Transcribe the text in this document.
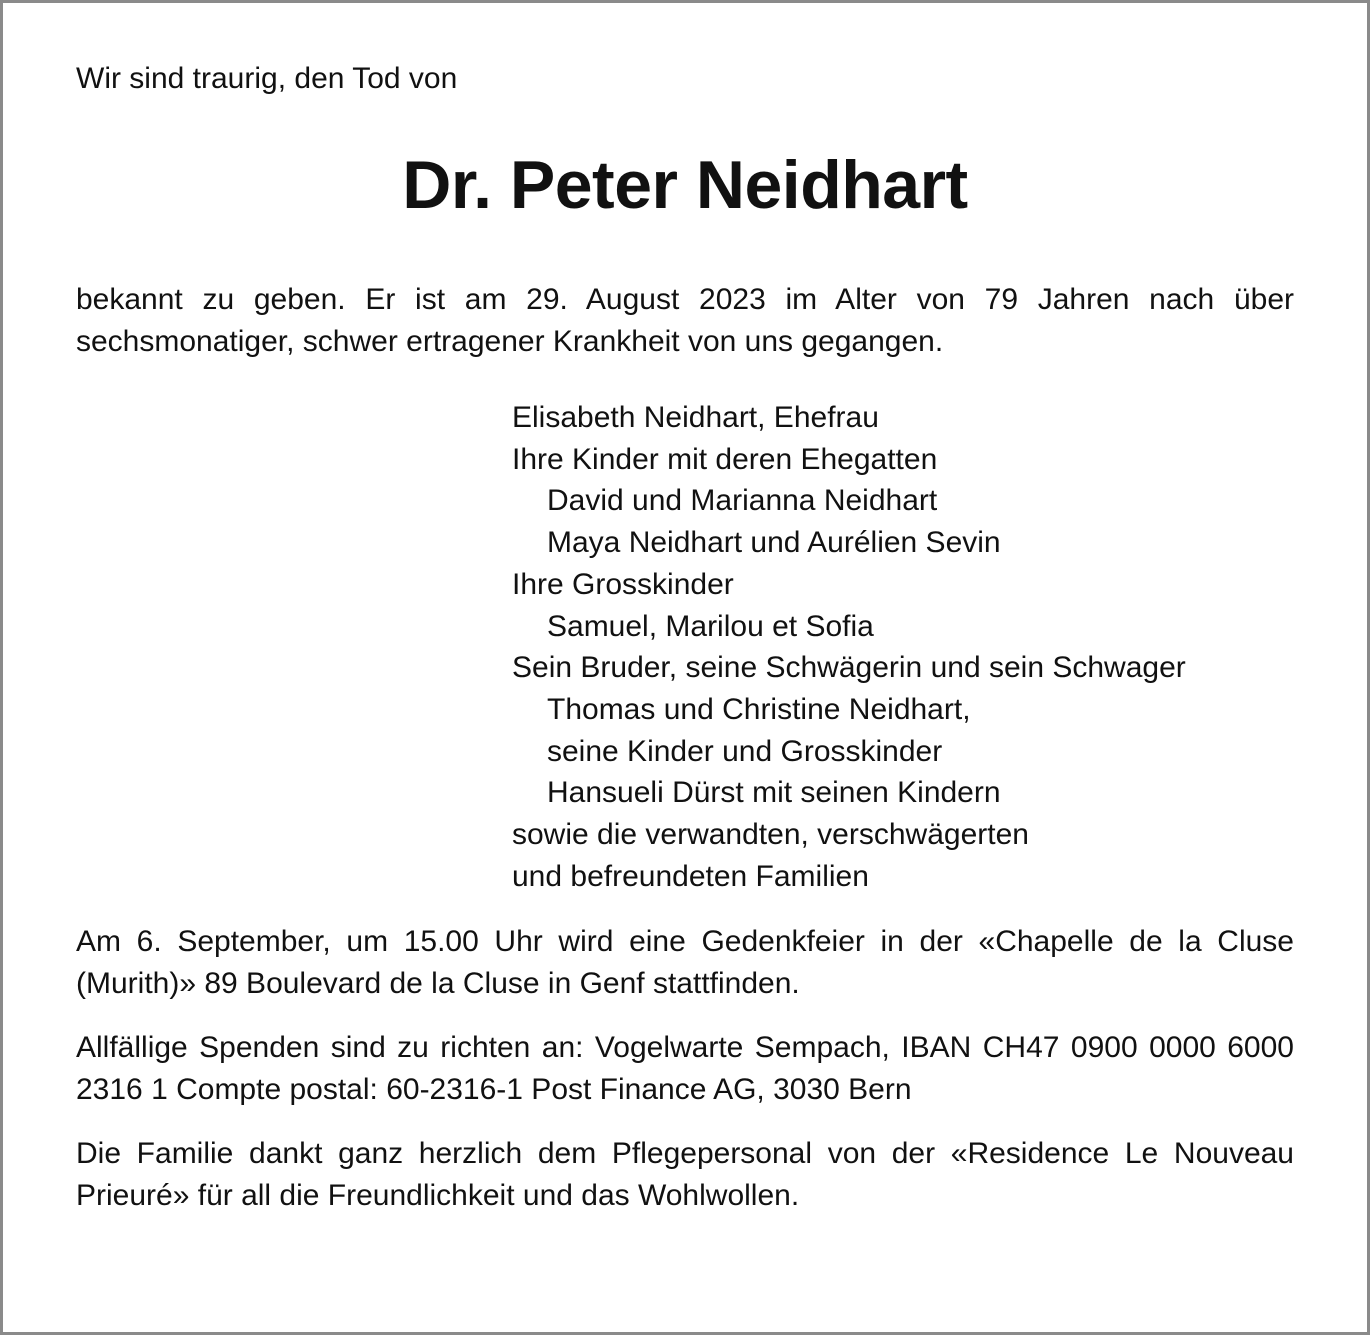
Wir sind traurig, den Tod von

Dr. Peter Neidhart

bekannt zu geben. Er ist am 29. August 2023 im Alter von 79 Jahren nach über sechsmonatiger, schwer ertragener Krankheit von uns gegangen.

Elisabeth Neidhart, Ehefrau
Ihre Kinder mit deren Ehegatten
David und Marianna Neidhart
Maya Neidhart und Aurélien Sevin
Ihre Grosskinder
Samuel, Marilou et Sofia
Sein Bruder, seine Schwägerin und sein Schwager
Thomas und Christine Neidhart,
seine Kinder und Grosskinder
Hansueli Dürst mit seinen Kindern
sowie die verwandten, verschwägerten
und befreundeten Familien

Am 6. September, um 15.00 Uhr wird eine Gedenkfeier in der «Chapelle de la Cluse (Murith)» 89 Boulevard de la Cluse in Genf stattfinden.

Allfällige Spenden sind zu richten an: Vogelwarte Sempach, IBAN CH47 0900 0000 6000 2316 1 Compte postal: 60-2316-1 Post Finance AG, 3030 Bern

Die Familie dankt ganz herzlich dem Pflegepersonal von der «Residence Le Nouveau Prieuré» für all die Freundlichkeit und das Wohlwollen.
